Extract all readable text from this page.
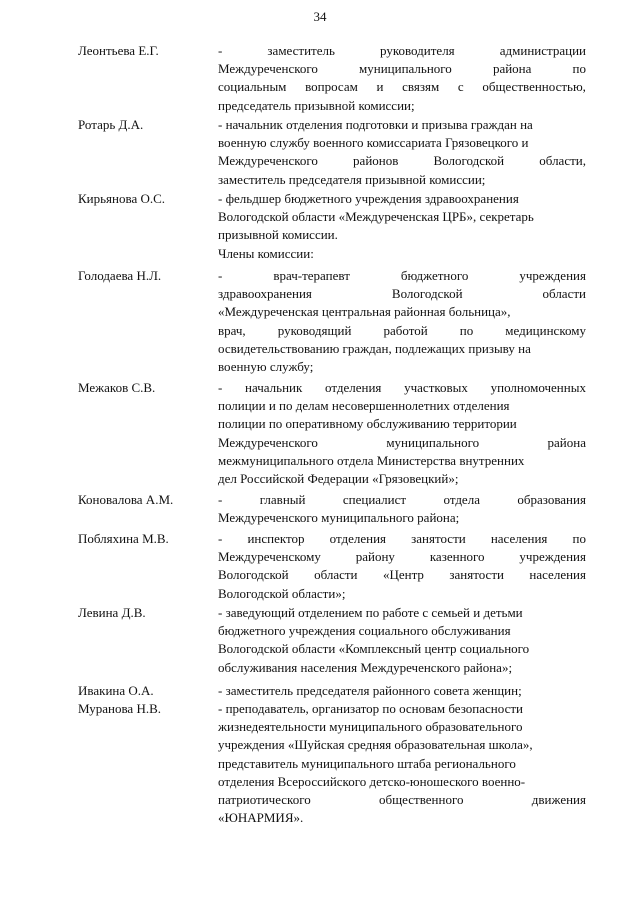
34
Леонтьева Е.Г.	-	заместитель	руководителя	администрации
Междуреченского	муниципального	района	по
социальным вопросам и связям с общественностью,
председатель призывной комиссии;
Ротарь Д.А.	- начальник отделения подготовки и призыва граждан на
военную службу военного комиссариата Грязовецкого и
Междуреченского	районов	Вологодской	области,
заместитель председателя призывной комиссии;
Кирьянова О.С.	- фельдшер бюджетного учреждения здравоохранения
Вологодской области «Междуреченская ЦРБ», секретарь
призывной комиссии.
Голодаева Н.Л.	-	врач-терапевт	бюджетного	учреждения
здравоохранения	Вологодской	области
«Междуреченская центральная районная больница»,
врач, руководящий работой по медицинскому
освидетельствованию граждан, подлежащих призыву на
военную службу;
Межаков С.В.	- начальник отделения участковых уполномоченных
полиции и по делам несовершеннолетних отделения
полиции по оперативному обслуживанию территории
Междуреченского	муниципального	района
межмуниципального отдела Министерства внутренних
дел Российской Федерации «Грязовецкий»;
Коновалова А.М.	-	главный	специалист	отдела	образования
Междуреченского муниципального района;
Побляхина М.В.	- инспектор отделения занятости населения по
Междуреченскому	району	казенного	учреждения
Вологодской области «Центр занятости населения
Вологодской области»;
Левина Д.В.	- заведующий отделением по работе с семьей и детьми
бюджетного учреждения социального обслуживания
Вологодской области «Комплексный центр социального
обслуживания населения Междуреченского района»;
Ивакина О.А.	- заместитель председателя районного совета женщин;
Муранова Н.В.	- преподаватель, организатор по основам безопасности
жизнедеятельности муниципального образовательного
учреждения «Шуйская средняя образовательная школа»,
представитель муниципального штаба регионального
отделения Всероссийского детско-юношеского военно-
патриотического	общественного	движения
«ЮНАРМИЯ».
Члены комиссии:
